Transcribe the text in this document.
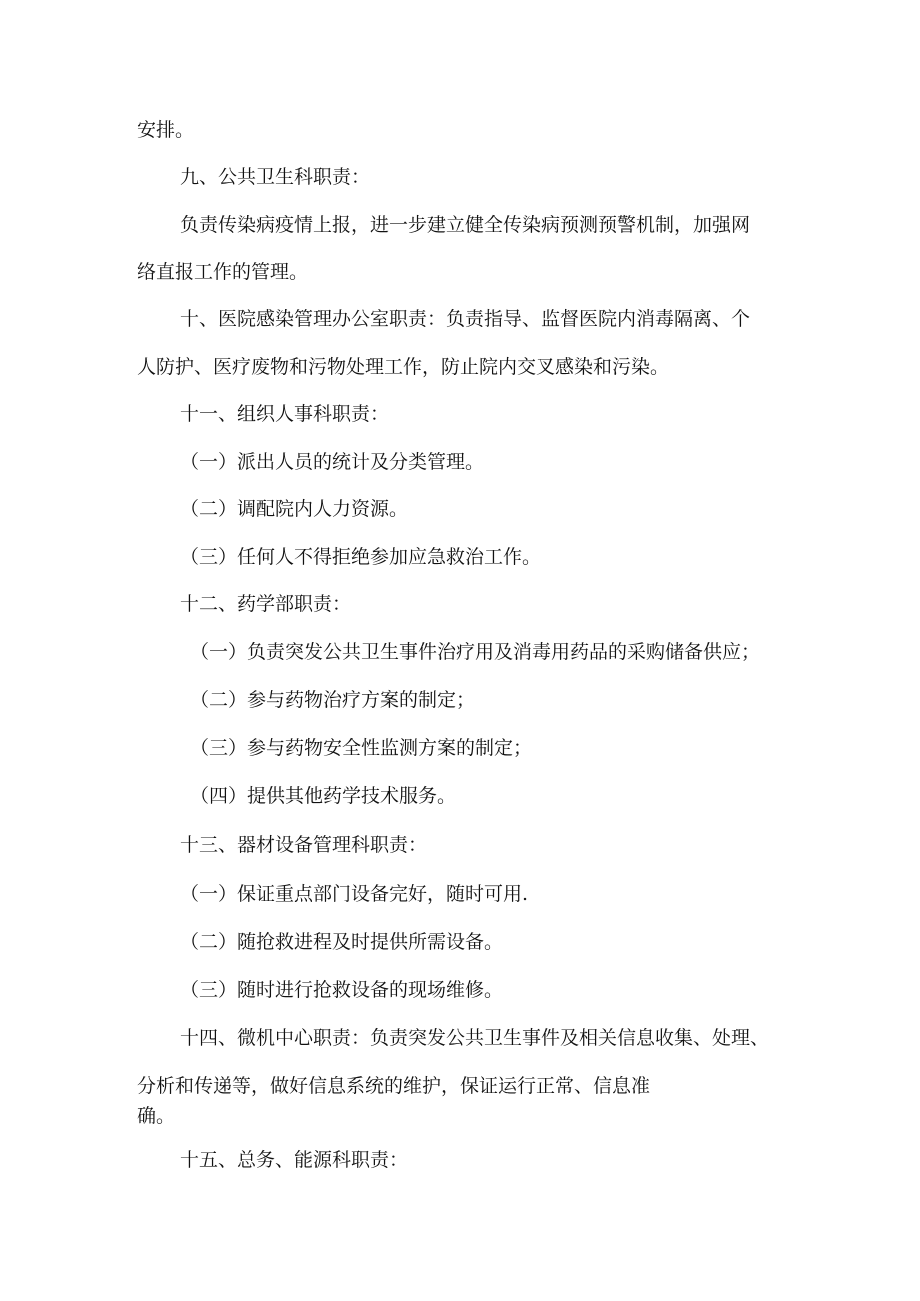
安排。
九、公共卫生科职责：
负责传染病疫情上报，进一步建立健全传染病预测预警机制，加强网
络直报工作的管理。
十、医院感染管理办公室职责：负责指导、监督医院内消毒隔离、个
人防护、医疗废物和污物处理工作，防止院内交叉感染和污染。
十一、组织人事科职责：
（一）派出人员的统计及分类管理。
（二）调配院内人力资源。
（三）任何人不得拒绝参加应急救治工作。
十二、药学部职责：
（一）负责突发公共卫生事件治疗用及消毒用药品的采购储备供应；
（二）参与药物治疗方案的制定；
（三）参与药物安全性监测方案的制定；
（四）提供其他药学技术服务。
十三、器材设备管理科职责：
（一）保证重点部门设备完好，随时可用.
（二）随抢救进程及时提供所需设备。
（三）随时进行抢救设备的现场维修。
十四、微机中心职责：负责突发公共卫生事件及相关信息收集、处理、
分析和传递等，做好信息系统的维护，保证运行正常、信息准
确。
十五、总务、能源科职责：
